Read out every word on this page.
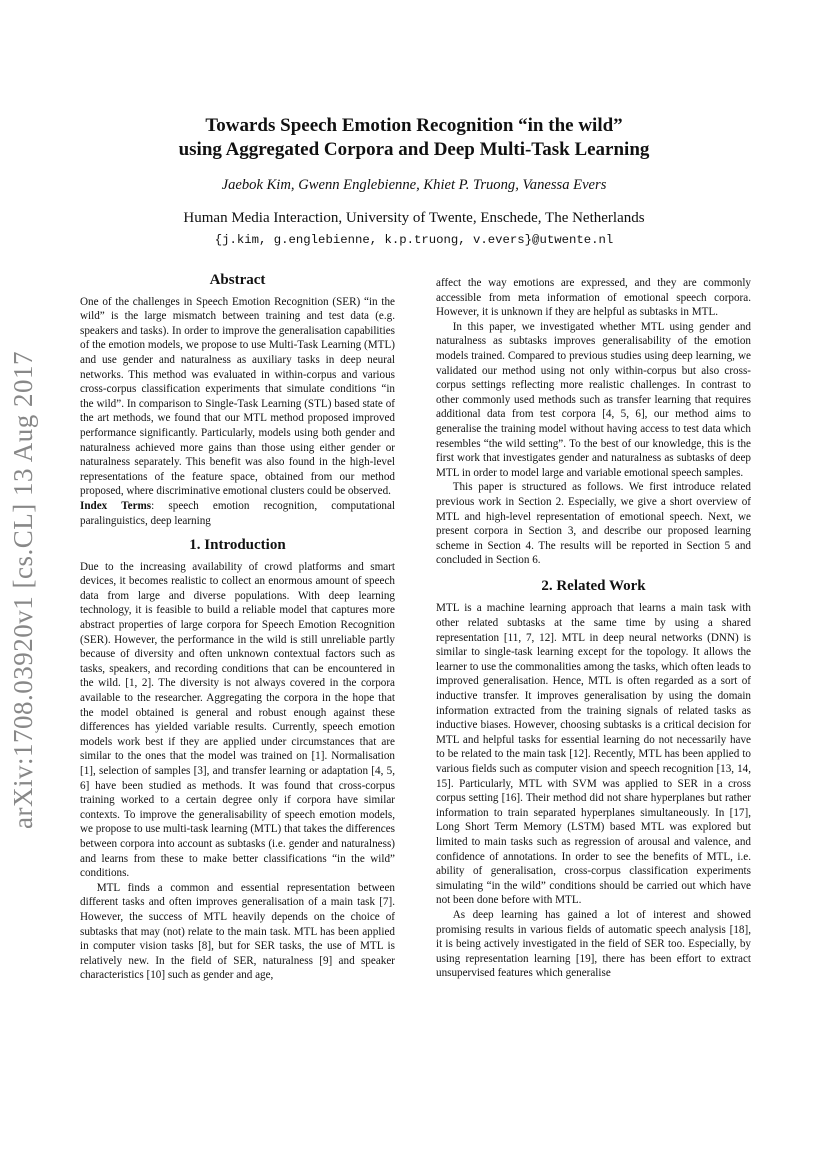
arXiv:1708.03920v1 [cs.CL] 13 Aug 2017
Towards Speech Emotion Recognition “in the wild”
using Aggregated Corpora and Deep Multi-Task Learning
Jaebok Kim, Gwenn Englebienne, Khiet P. Truong, Vanessa Evers
Human Media Interaction, University of Twente, Enschede, The Netherlands
{j.kim, g.englebienne, k.p.truong, v.evers}@utwente.nl
Abstract

One of the challenges in Speech Emotion Recognition (SER) “in the wild” is the large mismatch between training and test data (e.g. speakers and tasks). In order to improve the generalisation capabilities of the emotion models, we propose to use Multi-Task Learning (MTL) and use gender and naturalness as auxiliary tasks in deep neural networks. This method was evaluated in within-corpus and various cross-corpus classification experiments that simulate conditions “in the wild”. In comparison to Single-Task Learning (STL) based state of the art methods, we found that our MTL method proposed improved performance significantly. Particularly, models using both gender and naturalness achieved more gains than those using either gender or naturalness separately. This benefit was also found in the high-level representations of the feature space, obtained from our method proposed, where discriminative emotional clusters could be observed.

Index Terms: speech emotion recognition, computational paralinguistics, deep learning

1. Introduction

Due to the increasing availability of crowd platforms and smart devices, it becomes realistic to collect an enormous amount of speech data from large and diverse populations. With deep learning technology, it is feasible to build a reliable model that captures more abstract properties of large corpora for Speech Emotion Recognition (SER). However, the performance in the wild is still unreliable partly because of diversity and often unknown contextual factors such as tasks, speakers, and recording conditions that can be encountered in the wild. [1, 2]. The diversity is not always covered in the corpora available to the researcher. Aggregating the corpora in the hope that the model obtained is general and robust enough against these differences has yielded variable results. Currently, speech emotion models work best if they are applied under circumstances that are similar to the ones that the model was trained on [1]. Normalisation [1], selection of samples [3], and transfer learning or adaptation [4, 5, 6] have been studied as methods. It was found that cross-corpus training worked to a certain degree only if corpora have similar contexts. To improve the generalisability of speech emotion models, we propose to use multi-task learning (MTL) that takes the differences between corpora into account as subtasks (i.e. gender and naturalness) and learns from these to make better classifications “in the wild” conditions.

MTL finds a common and essential representation between different tasks and often improves generalisation of a main task [7]. However, the success of MTL heavily depends on the choice of subtasks that may (not) relate to the main task. MTL has been applied in computer vision tasks [8], but for SER tasks, the use of MTL is relatively new. In the field of SER, naturalness [9] and speaker characteristics [10] such as gender and age,

affect the way emotions are expressed, and they are commonly accessible from meta information of emotional speech corpora. However, it is unknown if they are helpful as subtasks in MTL.

In this paper, we investigated whether MTL using gender and naturalness as subtasks improves generalisability of the emotion models trained. Compared to previous studies using deep learning, we validated our method using not only within-corpus but also cross-corpus settings reflecting more realistic challenges. In contrast to other commonly used methods such as transfer learning that requires additional data from test corpora [4, 5, 6], our method aims to generalise the training model without having access to test data which resembles “the wild setting”. To the best of our knowledge, this is the first work that investigates gender and naturalness as subtasks of deep MTL in order to model large and variable emotional speech samples.

This paper is structured as follows. We first introduce related previous work in Section 2. Especially, we give a short overview of MTL and high-level representation of emotional speech. Next, we present corpora in Section 3, and describe our proposed learning scheme in Section 4. The results will be reported in Section 5 and concluded in Section 6.

2. Related Work

MTL is a machine learning approach that learns a main task with other related subtasks at the same time by using a shared representation [11, 7, 12]. MTL in deep neural networks (DNN) is similar to single-task learning except for the topology. It allows the learner to use the commonalities among the tasks, which often leads to improved generalisation. Hence, MTL is often regarded as a sort of inductive transfer. It improves generalisation by using the domain information extracted from the training signals of related tasks as inductive biases. However, choosing subtasks is a critical decision for MTL and helpful tasks for essential learning do not necessarily have to be related to the main task [12]. Recently, MTL has been applied to various fields such as computer vision and speech recognition [13, 14, 15]. Particularly, MTL with SVM was applied to SER in a cross corpus setting [16]. Their method did not share hyperplanes but rather information to train separated hyperplanes simultaneously. In [17], Long Short Term Memory (LSTM) based MTL was explored but limited to main tasks such as regression of arousal and valence, and confidence of annotations. In order to see the benefits of MTL, i.e. ability of generalisation, cross-corpus classification experiments simulating “in the wild” conditions should be carried out which have not been done before with MTL.

As deep learning has gained a lot of interest and showed promising results in various fields of automatic speech analysis [18], it is being actively investigated in the field of SER too. Especially, by using representation learning [19], there has been effort to extract unsupervised features which generalise
